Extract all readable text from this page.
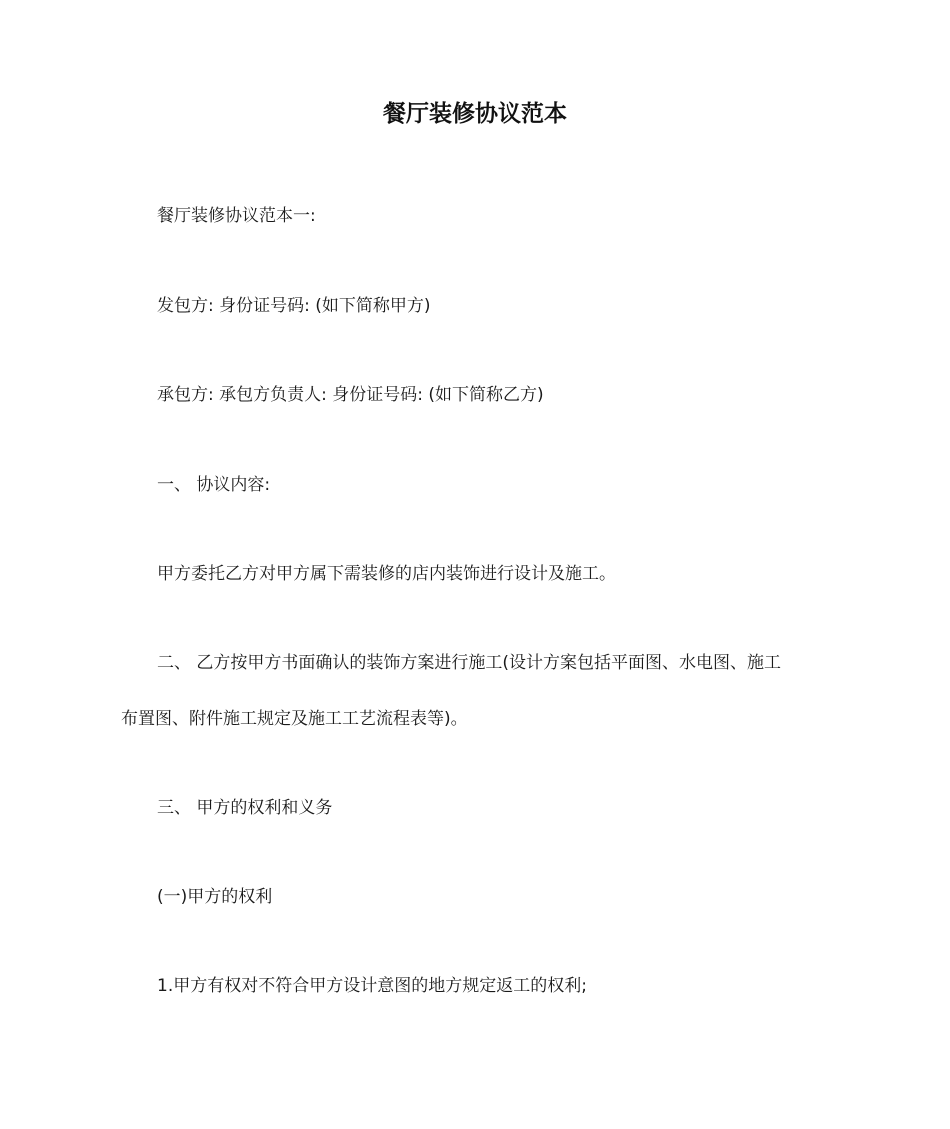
餐厅装修协议范本
餐厅装修协议范本一:
发包方: 身份证号码: (如下简称甲方)
承包方: 承包方负责人: 身份证号码: (如下简称乙方)
一、 协议内容:
甲方委托乙方对甲方属下需装修的店内装饰进行设计及施工。
二、 乙方按甲方书面确认的装饰方案进行施工(设计方案包括平面图、水电图、施工
布置图、附件施工规定及施工工艺流程表等)。
三、 甲方的权利和义务
(一)甲方的权利
1.甲方有权对不符合甲方设计意图的地方规定返工的权利;
